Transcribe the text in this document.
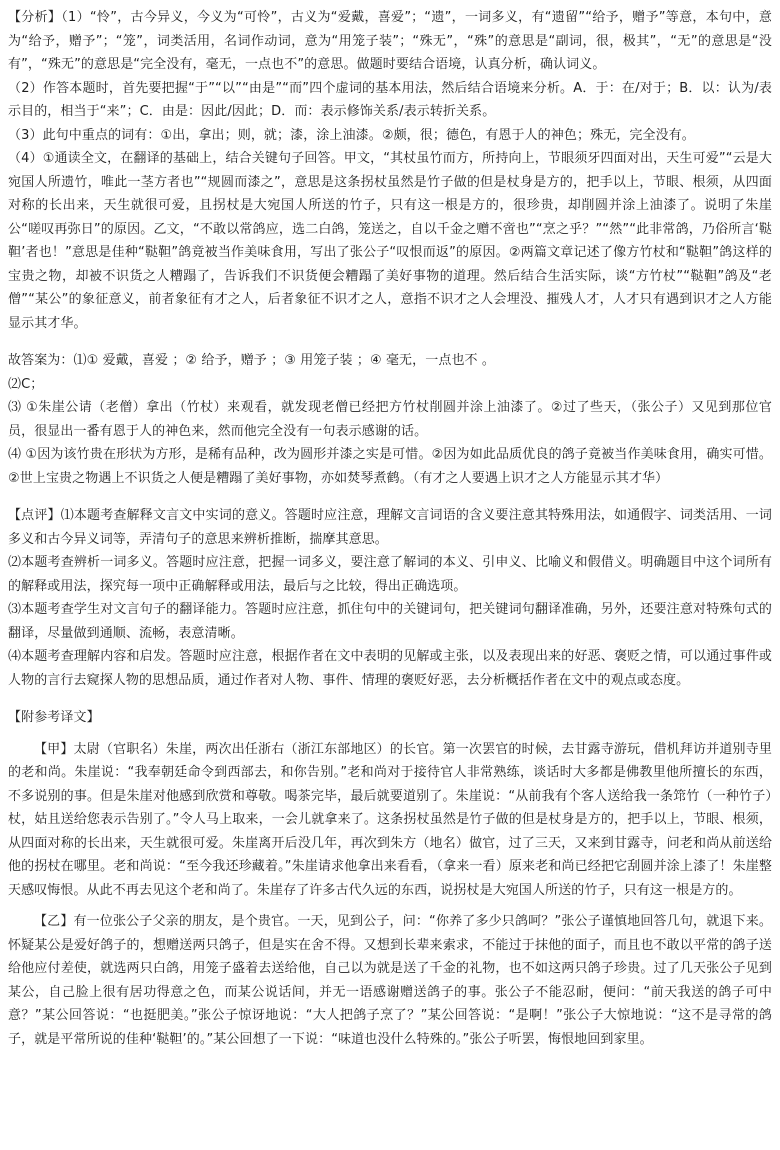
【分析】（1）“怜”，古今异义，今义为“可怜”，古义为“爱戴，喜爱”；“遗”，一词多义，有“遗留”“给予，赠予”等意，本句中，意为“给予，赠予”；“笼”，词类活用，名词作动词，意为“用笼子装”；“殊无”，“殊”的意思是“副词，很，极其”，“无”的意思是“没有”，“殊无”的意思是“完全没有，毫无，一点也不”的意思。做题时要结合语境，认真分析，确认词义。

（2）作答本题时，首先要把握“于”“以”“由是”“而”四个虚词的基本用法，然后结合语境来分析。A．于：在/对于；B．以：认为/表示目的，相当于“来”；C．由是：因此/因此；D．而：表示修饰关系/表示转折关系。

（3）此句中重点的词有：①出，拿出；则，就；漆，涂上油漆。②颇，很；德色，有恩于人的神色；殊无，完全没有。

（4）①通读全文，在翻译的基础上，结合关键句子回答。甲文，“其杖虽竹而方，所持向上，节眼须牙四面对出，天生可爱”“云是大宛国人所遗竹，唯此一茎方者也”“规圆而漆之”，意思是这条拐杖虽然是竹子做的但是杖身是方的，把手以上，节眼、根须，从四面对称的长出来，天生就很可爱，且拐杖是大宛国人所送的竹子，只有这一根是方的，很珍贵，却削圆并涂上油漆了。说明了朱崖公“嗟叹再弥日”的原因。乙文，“不敢以常鸽应，选二白鸽，笼送之，自以千金之赠不啻也”“烹之乎？”“然”“此非常鸽，乃俗所言‘鞑靼’者也！”意思是佳种“鞑靼”鸽竟被当作美味食用，写出了张公子“叹恨而返”的原因。②两篇文章记述了像方竹杖和“鞑靼”鸽这样的宝贵之物，却被不识货之人糟蹋了，告诉我们不识货便会糟蹋了美好事物的道理。然后结合生活实际，谈“方竹杖”“鞑靼”鸽及“老僧”“某公”的象征意义，前者象征有才之人，后者象征不识才之人，意指不识才之人会埋没、摧残人才，人才只有遇到识才之人方能显示其才华。

故答案为：⑴① 爱戴，喜爱 ；② 给予，赠予 ；③ 用笼子装 ；④ 毫无，一点也不 。

⑵C；

⑶ ①朱崖公请（老僧）拿出（竹杖）来观看，就发现老僧已经把方竹杖削圆并涂上油漆了。②过了些天，（张公子）又见到那位官员，很显出一番有恩于人的神色来，然而他完全没有一句表示感谢的话。

⑷ ①因为该竹贵在形状为方形，是稀有品种，改为圆形并漆之实是可惜。②因为如此品质优良的鸽子竟被当作美味食用，确实可惜。②世上宝贵之物遇上不识货之人便是糟蹋了美好事物，亦如焚琴煮鹤。（有才之人要遇上识才之人方能显示其才华）

【点评】⑴本题考查解释文言文中实词的意义。答题时应注意，理解文言词语的含义要注意其特殊用法，如通假字、词类活用、一词多义和古今异义词等，弄清句子的意思来辨析推断，揣摩其意思。

⑵本题考查辨析一词多义。答题时应注意，把握一词多义，要注意了解词的本义、引申义、比喻义和假借义。明确题目中这个词所有的解释或用法，探究每一项中正确解释或用法，最后与之比较，得出正确选项。

⑶本题考查学生对文言句子的翻译能力。答题时应注意，抓住句中的关键词句，把关键词句翻译准确，另外，还要注意对特殊句式的翻译，尽量做到通顺、流畅，表意清晰。

⑷本题考查理解内容和启发。答题时应注意，根据作者在文中表明的见解或主张，以及表现出来的好恶、褒贬之情，可以通过事件或人物的言行去窥探人物的思想品质，通过作者对人物、事件、情理的褒贬好恶，去分析概括作者在文中的观点或态度。

【附参考译文】

【甲】太尉（官职名）朱崖，两次出任浙右（浙江东部地区）的长官。第一次罢官的时候，去甘露寺游玩，借机拜访并道别寺里的老和尚。朱崖说：“我奉朝廷命令到西部去，和你告别。”老和尚对于接待官人非常熟练，谈话时大多都是佛教里他所擅长的东西，不多说别的事。但是朱崖对他感到欣赏和尊敬。喝茶完毕，最后就要道别了。朱崖说：“从前我有个客人送给我一条筇竹（一种竹子）杖，姑且送给您表示告别了。”令人马上取来，一会儿就拿来了。这条拐杖虽然是竹子做的但是杖身是方的，把手以上，节眼、根须，从四面对称的长出来，天生就很可爱。朱崖离开后没几年，再次到朱方（地名）做官，过了三天，又来到甘露寺，问老和尚从前送给他的拐杖在哪里。老和尚说：“至今我还珍藏着。”朱崖请求他拿出来看看，（拿来一看）原来老和尚已经把它刮圆并涂上漆了！朱崖整天感叹悔恨。从此不再去见这个老和尚了。朱崖存了许多古代久远的东西，说拐杖是大宛国人所送的竹子，只有这一根是方的。

【乙】有一位张公子父亲的朋友，是个贵官。一天，见到公子，问：“你养了多少只鸽呵？”张公子谨慎地回答几句，就退下来。怀疑某公是爱好鸽子的，想赠送两只鸽子，但是实在舍不得。又想到长辈来索求，不能过于抹他的面子，而且也不敢以平常的鸽子送给他应付差使，就选两只白鸽，用笼子盛着去送给他，自己以为就是送了千金的礼物，也不如这两只鸽子珍贵。过了几天张公子见到某公，自己脸上很有居功得意之色，而某公说话间，并无一语感谢赠送鸽子的事。张公子不能忍耐，便问：“前天我送的鸽子可中意？”某公回答说：“也挺肥美。”张公子惊讶地说：“大人把鸽子烹了？”某公回答说：“是啊！”张公子大惊地说：“这不是寻常的鸽子，就是平常所说的佳种‘鞑靼’的。”某公回想了一下说：“味道也没什么特殊的。”张公子听罢，悔恨地回到家里。
